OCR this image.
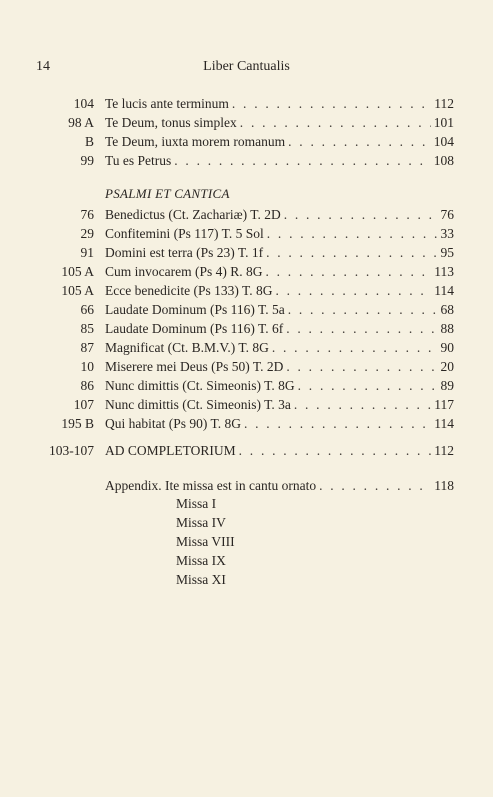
14	Liber Cantualis
104 Te lucis ante terminum . . .	112
98 A Te Deum, tonus simplex . . .	101
B Te Deum, iuxta morem romanum . . .	104
99 Tu es Petrus . . .	108
PSALMI ET CANTICA
76 Benedictus (Ct. Zachariæ) T. 2D . . .	76
29 Confitemini (Ps 117) T. 5 Sol . . .	33
91 Domini est terra (Ps 23) T. 1f . . .	95
105 A Cum invocarem (Ps 4) R. 8G . . .	113
105 A Ecce benedicite (Ps 133) T. 8G . . .	114
66 Laudate Dominum (Ps 116) T. 5a . . .	68
85 Laudate Dominum (Ps 116) T. 6f . . .	88
87 Magnificat (Ct. B.M.V.) T. 8G . . .	90
10 Miserere mei Deus (Ps 50) T. 2D . . .	20
86 Nunc dimittis (Ct. Simeonis) T. 8G . . .	89
107 Nunc dimittis (Ct. Simeonis) T. 3a . . .	117
195 B Qui habitat (Ps 90) T. 8G . . .	114
103-107 AD COMPLETORIUM . . .	112
Appendix. Ite missa est in cantu ornato . . .	118
Missa I
Missa IV
Missa VIII
Missa IX
Missa XI
